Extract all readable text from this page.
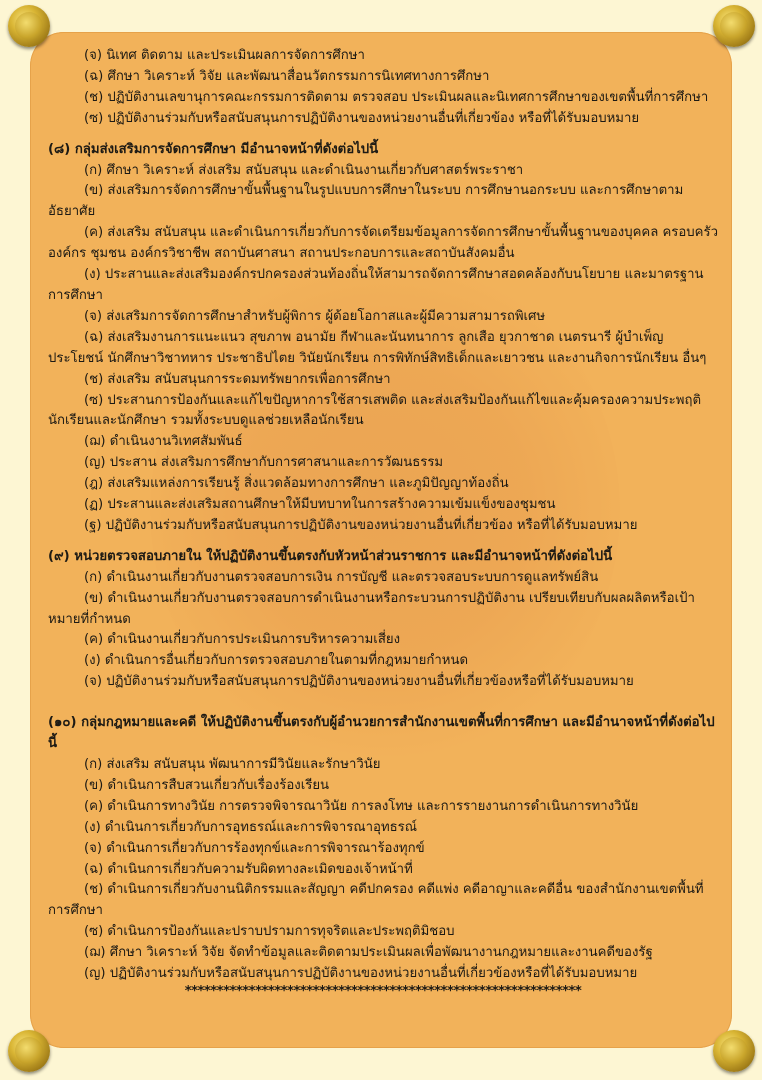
(จ) นิเทศ ติดตาม และประเมินผลการจัดการศึกษา
(ฉ) ศึกษา วิเคราะห์ วิจัย และพัฒนาสื่อนวัตกรรมการนิเทศทางการศึกษา
(ช) ปฏิบัติงานเลขานุการคณะกรรมการติดตาม ตรวจสอบ ประเมินผลและนิเทศการศึกษาของเขตพื้นที่การศึกษา
(ซ) ปฏิบัติงานร่วมกับหรือสนับสนุนการปฏิบัติงานของหน่วยงานอื่นที่เกี่ยวข้อง หรือที่ได้รับมอบหมาย
(๘) กลุ่มส่งเสริมการจัดการศึกษา มีอำนาจหน้าที่ดังต่อไปนี้
(ก) ศึกษา วิเคราะห์ ส่งเสริม สนับสนุน และดำเนินงานเกี่ยวกับศาสตร์พระราชา
(ข) ส่งเสริมการจัดการศึกษาขั้นพื้นฐานในรูปแบบการศึกษาในระบบ การศึกษานอกระบบ และการศึกษาตามอัธยาศัย
(ค) ส่งเสริม สนับสนุน และดำเนินการเกี่ยวกับการจัดเตรียมข้อมูลการจัดการศึกษาขั้นพื้นฐานของบุคคล ครอบครัว องค์กร ชุมชน องค์กรวิชาชีพ สถาบันศาสนา สถานประกอบการและสถาบันสังคมอื่น
(ง) ประสานและส่งเสริมองค์กรปกครองส่วนท้องถิ่นให้สามารถจัดการศึกษาสอดคล้องกับนโยบาย และมาตรฐานการศึกษา
(จ) ส่งเสริมการจัดการศึกษาสำหรับผู้พิการ ผู้ด้อยโอกาสและผู้มีความสามารถพิเศษ
(ฉ) ส่งเสริมงานการแนะแนว สุขภาพ อนามัย กีฬาและนันทนาการ ลูกเสือ ยุวกาชาด เนตรนารี ผู้บำเพ็ญประโยชน์ นักศึกษาวิชาทหาร ประชาธิปไตย วินัยนักเรียน การพิทักษ์สิทธิเด็กและเยาวชน และงานกิจการนักเรียน อื่นๆ
(ช) ส่งเสริม สนับสนุนการระดมทรัพยากรเพื่อการศึกษา
(ซ) ประสานการป้องกันและแก้ไขปัญหาการใช้สารเสพติด และส่งเสริมป้องกันแก้ไขและคุ้มครองความประพฤตินักเรียนและนักศึกษา รวมทั้งระบบดูแลช่วยเหลือนักเรียน
(ฌ) ดำเนินงานวิเทศสัมพันธ์
(ญ) ประสาน ส่งเสริมการศึกษากับการศาสนาและการวัฒนธรรม
(ฎ) ส่งเสริมแหล่งการเรียนรู้ สิ่งแวดล้อมทางการศึกษา และภูมิปัญญาท้องถิ่น
(ฏ) ประสานและส่งเสริมสถานศึกษาให้มีบทบาทในการสร้างความเข้มแข็งของชุมชน
(ฐ) ปฏิบัติงานร่วมกับหรือสนับสนุนการปฏิบัติงานของหน่วยงานอื่นที่เกี่ยวข้อง หรือที่ได้รับมอบหมาย
(๙) หน่วยตรวจสอบภายใน ให้ปฏิบัติงานขึ้นตรงกับหัวหน้าส่วนราชการ และมีอำนาจหน้าที่ดังต่อไปนี้
(ก) ดำเนินงานเกี่ยวกับงานตรวจสอบการเงิน การบัญชี และตรวจสอบระบบการดูแลทรัพย์สิน
(ข) ดำเนินงานเกี่ยวกับงานตรวจสอบการดำเนินงานหรือกระบวนการปฏิบัติงาน เปรียบเทียบกับผลผลิตหรือเป้าหมายที่กำหนด
(ค) ดำเนินงานเกี่ยวกับการประเมินการบริหารความเสี่ยง
(ง) ดำเนินการอื่นเกี่ยวกับการตรวจสอบภายในตามที่กฎหมายกำหนด
(จ) ปฏิบัติงานร่วมกับหรือสนับสนุนการปฏิบัติงานของหน่วยงานอื่นที่เกี่ยวข้องหรือที่ได้รับมอบหมาย
(๑๐) กลุ่มกฎหมายและคดี ให้ปฏิบัติงานขึ้นตรงกับผู้อำนวยการสำนักงานเขตพื้นที่การศึกษา และมีอำนาจหน้าที่ดังต่อไปนี้
(ก) ส่งเสริม สนับสนุน พัฒนาการมีวินัยและรักษาวินัย
(ข) ดำเนินการสืบสวนเกี่ยวกับเรื่องร้องเรียน
(ค) ดำเนินการทางวินัย การตรวจพิจารณาวินัย การลงโทษ และการรายงานการดำเนินการทางวินัย
(ง) ดำเนินการเกี่ยวกับการอุทธรณ์และการพิจารณาอุทธรณ์
(จ) ดำเนินการเกี่ยวกับการร้องทุกข์และการพิจารณาร้องทุกข์
(ฉ) ดำเนินการเกี่ยวกับความรับผิดทางละเมิดของเจ้าหน้าที่
(ช) ดำเนินการเกี่ยวกับงานนิติกรรมและสัญญา คดีปกครอง คดีแพ่ง คดีอาญาและคดีอื่น ของสำนักงานเขตพื้นที่การศึกษา
(ซ) ดำเนินการป้องกันและปราบปรามการทุจริตและประพฤติมิชอบ
(ฌ) ศึกษา วิเคราะห์ วิจัย จัดทำข้อมูลและติดตามประเมินผลเพื่อพัฒนางานกฎหมายและงานคดีของรัฐ
(ญ) ปฏิบัติงานร่วมกับหรือสนับสนุนการปฏิบัติงานของหน่วยงานอื่นที่เกี่ยวข้องหรือที่ได้รับมอบหมาย
**************************************************************
